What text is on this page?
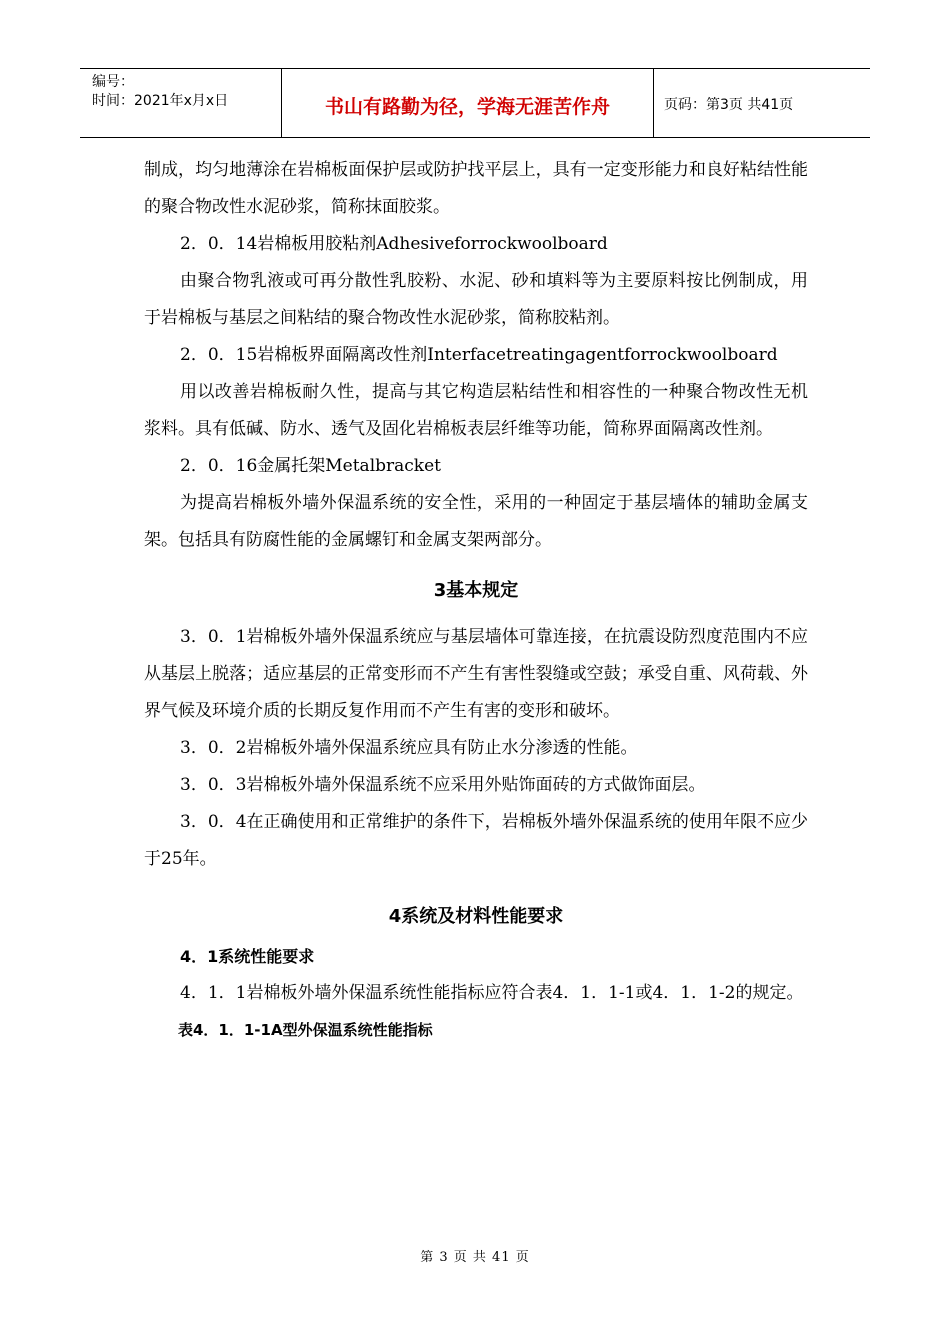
编号：
时间：2021年x月x日	书山有路勤为径，学海无涯苦作舟	页码：第3页 共41页

制成，均匀地薄涂在岩棉板面保护层或防护找平层上，具有一定变形能力和良好粘结性能的聚合物改性水泥砂浆，简称抹面胶浆。

2．0．14岩棉板用胶粘剂Adhesiveforrockwoolboard

由聚合物乳液或可再分散性乳胶粉、水泥、砂和填料等为主要原料按比例制成，用于岩棉板与基层之间粘结的聚合物改性水泥砂浆，简称胶粘剂。

2．0．15岩棉板界面隔离改性剂Interfacetreatingagentforrockwoolboard

用以改善岩棉板耐久性，提高与其它构造层粘结性和相容性的一种聚合物改性无机浆料。具有低碱、防水、透气及固化岩棉板表层纤维等功能，简称界面隔离改性剂。

2．0．16金属托架Metalbracket

为提高岩棉板外墙外保温系统的安全性，采用的一种固定于基层墙体的辅助金属支架。包括具有防腐性能的金属螺钉和金属支架两部分。

3基本规定

3．0．1岩棉板外墙外保温系统应与基层墙体可靠连接，在抗震设防烈度范围内不应从基层上脱落；适应基层的正常变形而不产生有害性裂缝或空鼓；承受自重、风荷载、外界气候及环境介质的长期反复作用而不产生有害的变形和破坏。

3．0．2岩棉板外墙外保温系统应具有防止水分渗透的性能。

3．0．3岩棉板外墙外保温系统不应采用外贴饰面砖的方式做饰面层。

3．0．4在正确使用和正常维护的条件下，岩棉板外墙外保温系统的使用年限不应少于25年。

4系统及材料性能要求
4．1系统性能要求

4．1．1岩棉板外墙外保温系统性能指标应符合表4．1．1-1或4．1．1-2的规定。

表4．1．1-1A型外保温系统性能指标
第 3 页 共 41 页
